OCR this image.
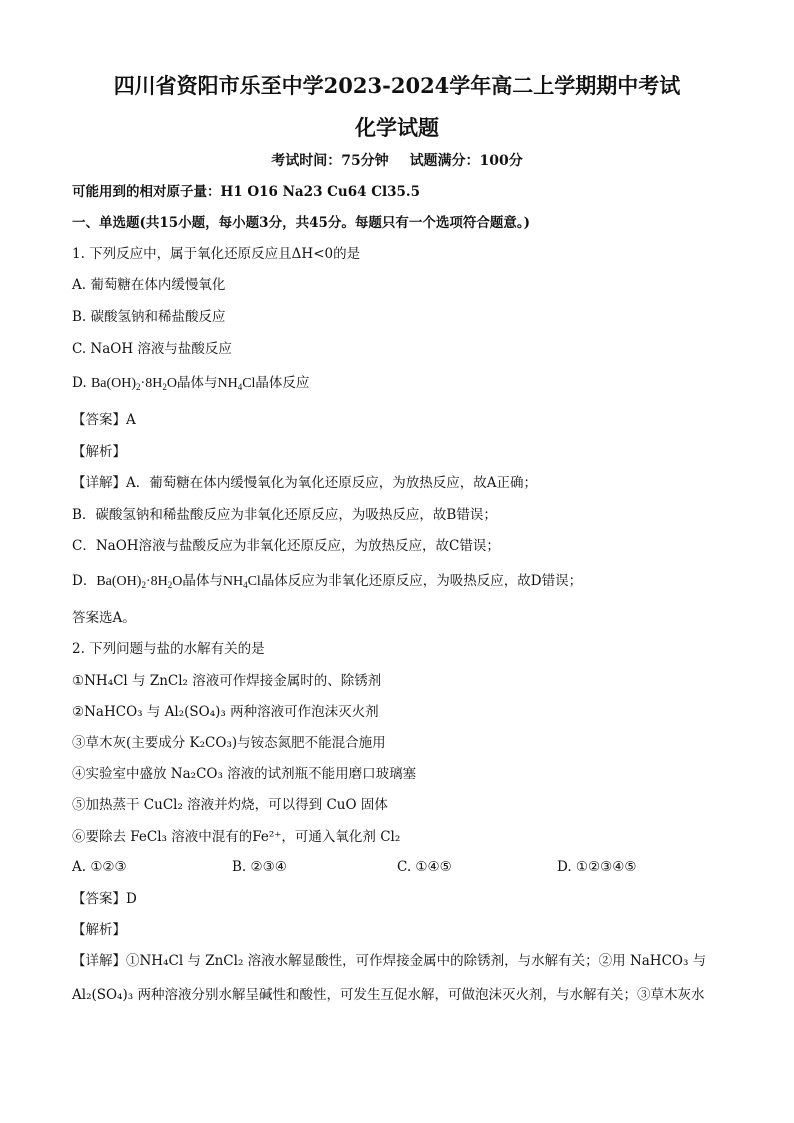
四川省资阳市乐至中学2023-2024学年高二上学期期中考试
化学试题
考试时间：75分钟 试题满分：100分
可能用到的相对原子量：H1 O16 Na23 Cu64 Cl35.5
一、单选题(共15小题，每小题3分，共45分。每题只有一个选项符合题意。)
1. 下列反应中，属于氧化还原反应且ΔH<0的是
A. 葡萄糖在体内缓慢氧化
B. 碳酸氢钠和稀盐酸反应
C. NaOH 溶液与盐酸反应
D. $Ba(OH)_2\cdot 8H_2O$晶体与$NH_4Cl$晶体反应
【答案】A
【解析】
【详解】A．葡萄糖在体内缓慢氧化为氧化还原反应，为放热反应，故A正确；
B．碳酸氢钠和稀盐酸反应为非氧化还原反应，为吸热反应，故B错误；
C．NaOH溶液与盐酸反应为非氧化还原反应，为放热反应，故C错误；
D．$Ba(OH)_2\cdot 8H_2O$晶体与$NH_4Cl$晶体反应为非氧化还原反应，为吸热反应，故D错误；
答案选A。
2. 下列问题与盐的水解有关的是
①NH₄Cl 与 ZnCl₂ 溶液可作焊接金属时的、除锈剂
②NaHCO₃ 与 Al₂(SO₄)₃ 两种溶液可作泡沫灭火剂
③草木灰(主要成分 K₂CO₃)与铵态氮肥不能混合施用
④实验室中盛放 Na₂CO₃ 溶液的试剂瓶不能用磨口玻璃塞
⑤加热蒸干 CuCl₂ 溶液并灼烧，可以得到 CuO 固体
⑥要除去 FeCl₃ 溶液中混有的Fe²⁺，可通入氧化剂 Cl₂
A. ①②③	B. ②③④	C. ①④⑤	D. ①②③④⑤
【答案】D
【解析】
【详解】①NH₄Cl 与 ZnCl₂ 溶液水解显酸性，可作焊接金属中的除锈剂，与水解有关；②用 NaHCO₃ 与
Al₂(SO₄)₃ 两种溶液分别水解呈碱性和酸性，可发生互促水解，可做泡沫灭火剂，与水解有关；③草木灰水
